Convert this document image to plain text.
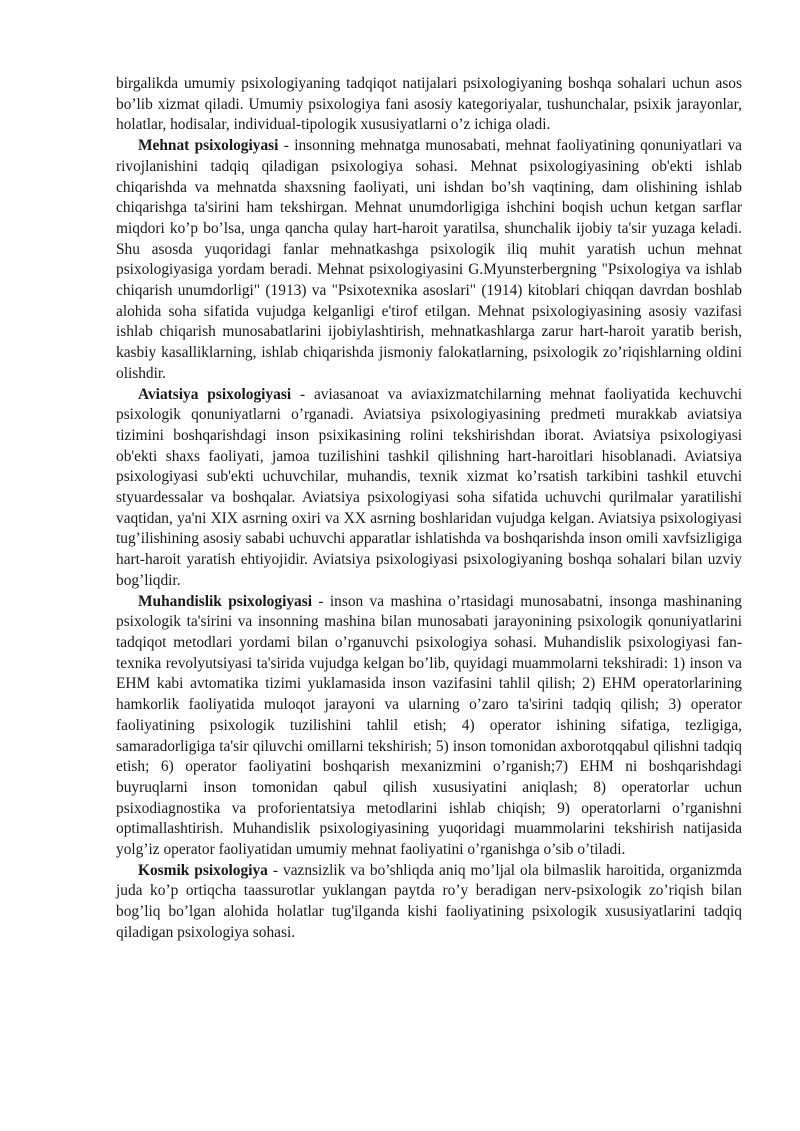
birgalikda umumiy psixologiyaning tadqiqot natijalari psixologiyaning boshqa sohalari uchun asos bo’lib xizmat qiladi. Umumiy psixologiya fani asosiy kategoriyalar, tushunchalar, psixik jarayonlar, holatlar, hodisalar, individual-tipologik xususiyatlarni o’z ichiga oladi.

Mehnat psixologiyasi - insonning mehnatga munosabati, mehnat faoliyatining qonuniyatlari va rivojlanishini tadqiq qiladigan psixologiya sohasi. Mehnat psixologiyasining ob'ekti ishlab chiqarishda va mehnatda shaxsning faoliyati, uni ishdan bo’sh vaqtining, dam olishining ishlab chiqarishga ta'sirini ham tekshirgan. Mehnat unumdorligiga ishchini boqish uchun ketgan sarflar miqdori ko’p bo’lsa, unga qancha qulay hart-haroit yaratilsa, shunchalik ijobiy ta'sir yuzaga keladi. Shu asosda yuqoridagi fanlar mehnatkashga psixologik iliq muhit yaratish uchun mehnat psixologiyasiga yordam beradi. Mehnat psixologiyasini G.Myunsterbergning "Psixologiya va ishlab chiqarish unumdorligi" (1913) va "Psixotexnika asoslari" (1914) kitoblari chiqqan davrdan boshlab alohida soha sifatida vujudga kelganligi e'tirof etilgan. Mehnat psixologiyasining asosiy vazifasi ishlab chiqarish munosabatlarini ijobiylashtirish, mehnatkashlarga zarur hart-haroit yaratib berish, kasbiy kasalliklarning, ishlab chiqarishda jismoniy falokatlarning, psixologik zo’riqishlarning oldini olishdir.

Aviatsiya psixologiyasi - aviasanoat va aviaxizmatchilarning mehnat faoliyatida kechuvchi psixologik qonuniyatlarni o’rganadi. Aviatsiya psixologiyasining predmeti murakkab aviatsiya tizimini boshqarishdagi inson psixikasining rolini tekshirishdan iborat. Aviatsiya psixologiyasi ob'ekti shaxs faoliyati, jamoa tuzilishini tashkil qilishning hart-haroitlari hisoblanadi. Aviatsiya psixologiyasi sub'ekti uchuvchilar, muhandis, texnik xizmat ko’rsatish tarkibini tashkil etuvchi styuardessalar va boshqalar. Aviatsiya psixologiyasi soha sifatida uchuvchi qurilmalar yaratilishi vaqtidan, ya'ni XIX asrning oxiri va XX asrning boshlaridan vujudga kelgan. Aviatsiya psixologiyasi tug’ilishining asosiy sababi uchuvchi apparatlar ishlatishda va boshqarishda inson omili xavfsizligiga hart-haroit yaratish ehtiyojidir. Aviatsiya psixologiyasi psixologiyaning boshqa sohalari bilan uzviy bog’liqdir.

Muhandislik psixologiyasi - inson va mashina o’rtasidagi munosabatni, insonga mashinaning psixologik ta'sirini va insonning mashina bilan munosabati jarayonining psixologik qonuniyatlarini tadqiqot metodlari yordami bilan o’rganuvchi psixologiya sohasi. Muhandislik psixologiyasi fan-texnika revolyutsiyasi ta'sirida vujudga kelgan bo’lib, quyidagi muammolarni tekshiradi: 1) inson va EHM kabi avtomatika tizimi yuklamasida inson vazifasini tahlil qilish; 2) EHM operatorlarining hamkorlik faoliyatida muloqot jarayoni va ularning o’zaro ta'sirini tadqiq qilish; 3) operator faoliyatining psixologik tuzilishini tahlil etish; 4) operator ishining sifatiga, tezligiga, samaradorligiga ta'sir qiluvchi omillarni tekshirish; 5) inson tomonidan axborotqqabul qilishni tadqiq etish; 6) operator faoliyatini boshqarish mexanizmini o’rganish;7) EHM ni boshqarishdagi buyruqlarni inson tomonidan qabul qilish xususiyatini aniqlash; 8) operatorlar uchun psixodiagnostika va proforientatsiya metodlarini ishlab chiqish; 9) operatorlarni o’rganishni optimallashtirish. Muhandislik psixologiyasining yuqoridagi muammolarini tekshirish natijasida yolg’iz operator faoliyatidan umumiy mehnat faoliyatini o’rganishga o’sib o’tiladi.

Kosmik psixologiya - vaznsizlik va bo’shliqda aniq mo’ljal ola bilmaslik haroitida, organizmda juda ko’p ortiqcha taassurotlar yuklangan paytda ro’y beradigan nerv-psixologik zo’riqish bilan bog’liq bo’lgan alohida holatlar tug'ilganda kishi faoliyatining psixologik xususiyatlarini tadqiq qiladigan psixologiya sohasi.
